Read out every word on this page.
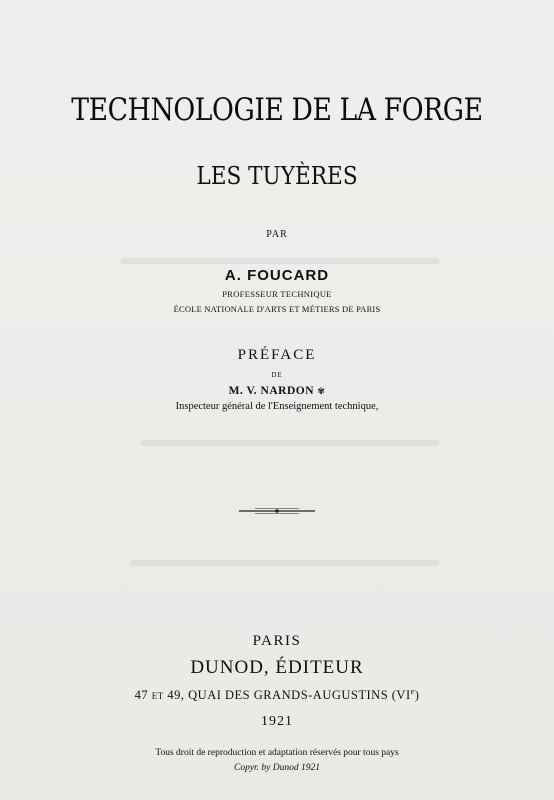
TECHNOLOGIE DE LA FORGE
LES TUYÈRES
PAR
A. FOUCARD
PROFESSEUR TECHNIQUE
ÉCOLE NATIONALE D'ARTS ET MÉTIERS DE PARIS
PRÉFACE
DE
M. V. NARDON ✾
Inspecteur général de l'Enseignement technique,
PARIS
DUNOD, ÉDITEUR
47 ET 49, QUAI DES GRANDS-AUGUSTINS (VIe)
1921
Tous droit de reproduction et adaptation réservés pour tous pays
Copyr. by Dunod 1921
